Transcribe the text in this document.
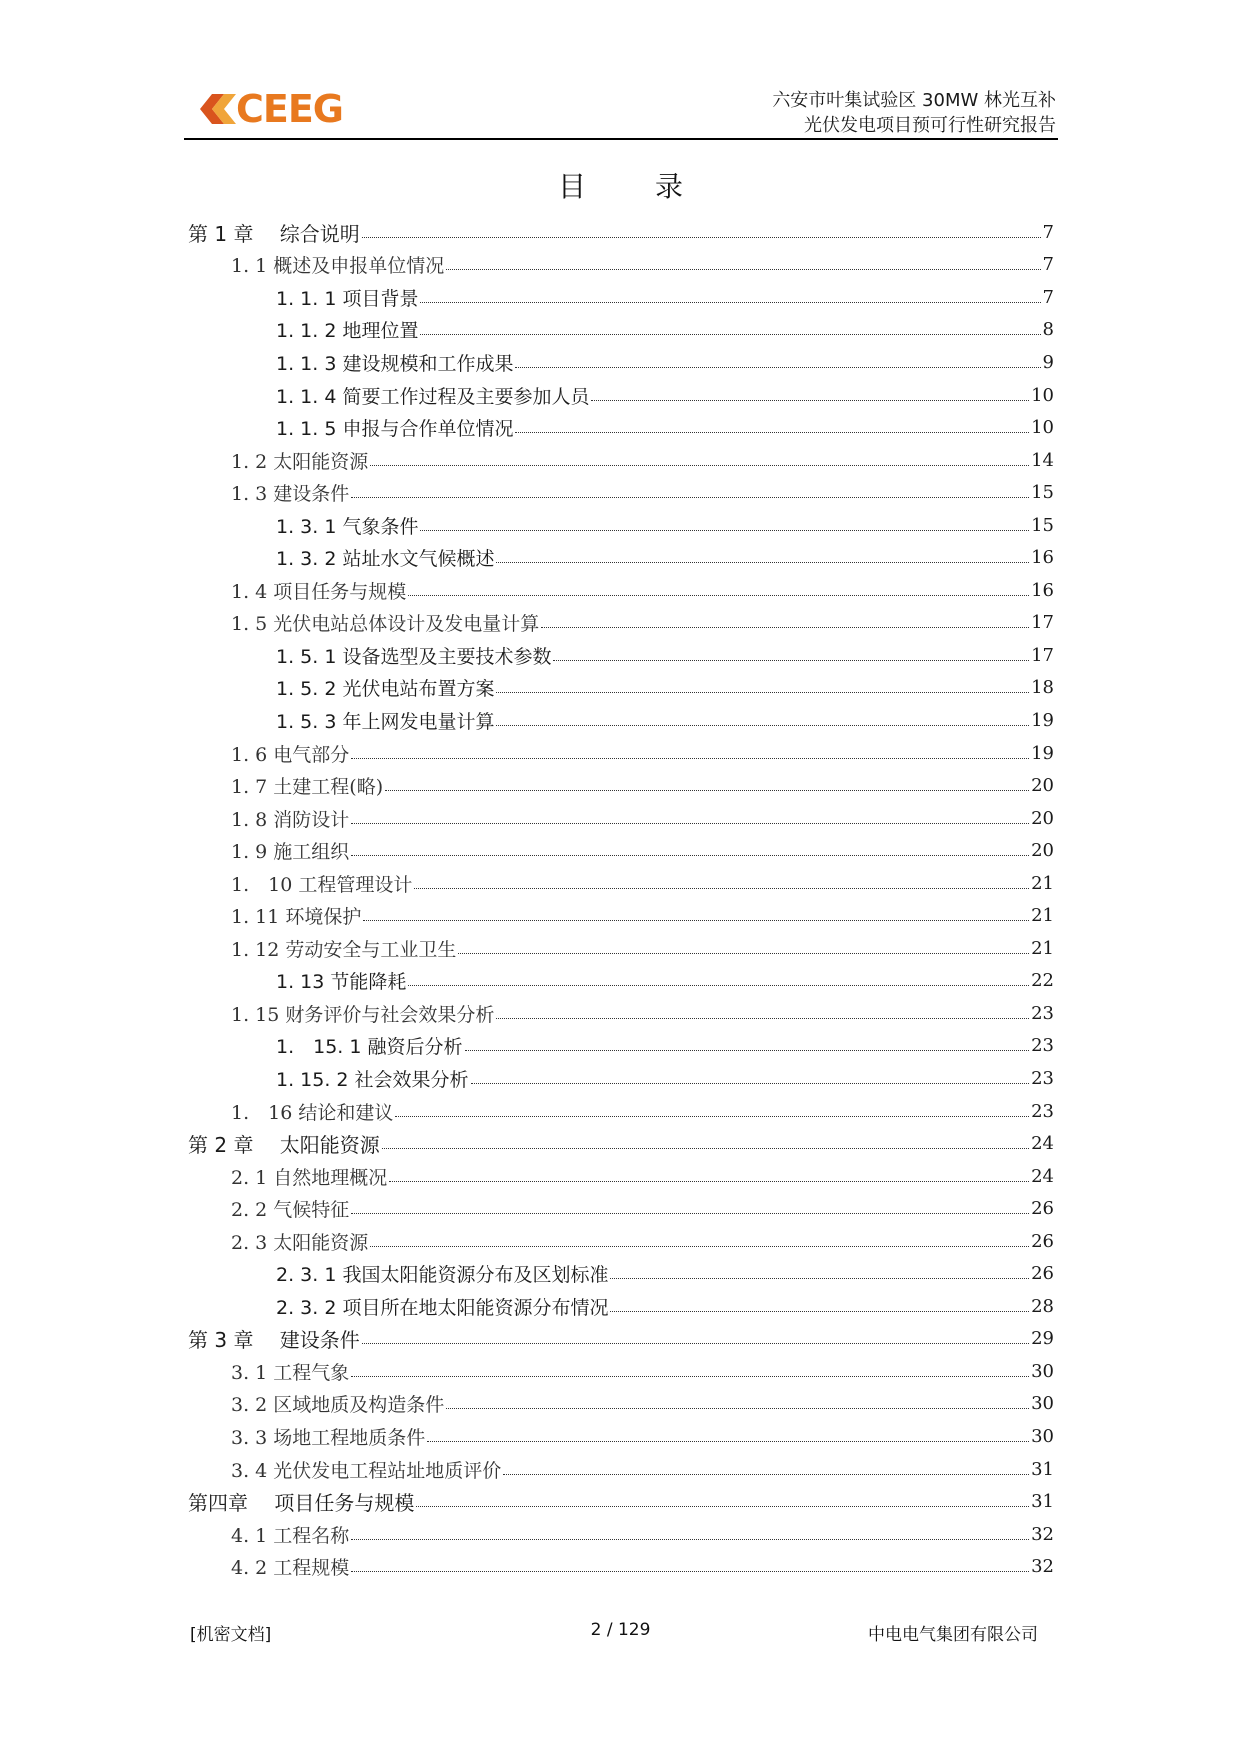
CEEG	六安市叶集试验区 30MW 林光互补
光伏发电项目预可行性研究报告
目 录
第 1 章　 综合说明	7
1. 1 概述及申报单位情况	7
1. 1. 1 项目背景	7
1. 1. 2 地理位置	8
1. 1. 3 建设规模和工作成果	9
1. 1. 4 简要工作过程及主要参加人员	10
1. 1. 5 申报与合作单位情况	10
1. 2 太阳能资源	14
1. 3 建设条件	15
1. 3. 1 气象条件	15
1. 3. 2 站址水文气候概述	16
1. 4 项目任务与规模	16
1. 5 光伏电站总体设计及发电量计算	17
1. 5. 1 设备选型及主要技术参数	17
1. 5. 2 光伏电站布置方案	18
1. 5. 3 年上网发电量计算	19
1. 6 电气部分	19
1. 7 土建工程(略)	20
1. 8 消防设计	20
1. 9 施工组织	20
1.　10 工程管理设计	21
1. 11 环境保护	21
1. 12 劳动安全与工业卫生	21
1. 13 节能降耗	22
1. 15 财务评价与社会效果分析	23
1.　15. 1 融资后分析	23
1. 15. 2 社会效果分析	23
1.　16 结论和建议	23
第 2 章　 太阳能资源	24
2. 1 自然地理概况	24
2. 2 气候特征	26
2. 3 太阳能资源	26
2. 3. 1 我国太阳能资源分布及区划标准	26
2. 3. 2 项目所在地太阳能资源分布情况	28
第 3 章　 建设条件	29
3. 1 工程气象	30
3. 2 区域地质及构造条件	30
3. 3 场地工程地质条件	30
3. 4 光伏发电工程站址地质评价	31
第四章　 项目任务与规模	31
4. 1 工程名称	32
4. 2 工程规模	32
[机密文档]	2 / 129	中电电气集团有限公司
